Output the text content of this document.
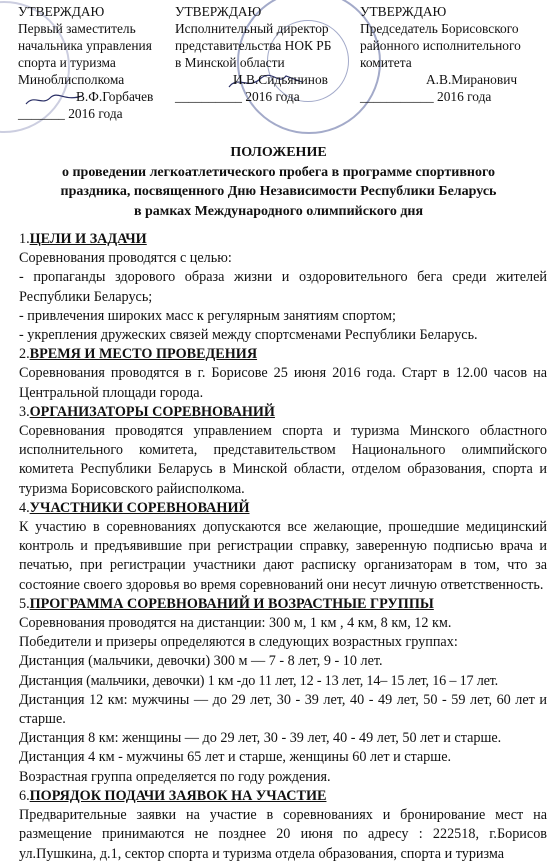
УТВЕРЖДАЮ
Первый заместитель
начальника управления
спорта и туризма
Миноблисполкома
В.Ф.Горбачев
_______ 2016 года
УТВЕРЖДАЮ
Исполнительный директор
представительства НОК РБ
в Минской области
И.В.Сидьянинов
__________ 2016 года
УТВЕРЖДАЮ
Председатель Борисовского
районного исполнительного
комитета
А.В.Миранович
___________ 2016 года
ПОЛОЖЕНИЕ
о проведении легкоатлетического пробега в программе спортивного
праздника, посвященного Дню Независимости Республики Беларусь
в рамках Международного олимпийского дня
1.ЦЕЛИ И ЗАДАЧИ
Соревнования проводятся с целью:
- пропаганды здорового образа жизни и оздоровительного бега среди жителей Республики Беларусь;
- привлечения широких масс к регулярным занятиям спортом;
- укрепления дружеских связей между спортсменами Республики Беларусь.
2.ВРЕМЯ И МЕСТО ПРОВЕДЕНИЯ
Соревнования проводятся в г. Борисове 25 июня 2016 года. Старт в 12.00 часов на Центральной площади города.
3.ОРГАНИЗАТОРЫ СОРЕВНОВАНИЙ
Соревнования проводятся управлением спорта и туризма Минского областного исполнительного комитета, представительством Национального олимпийского комитета Республики Беларусь в Минской области, отделом образования, спорта и туризма Борисовского райисполкома.
4.УЧАСТНИКИ СОРЕВНОВАНИЙ
К участию в соревнованиях допускаются все желающие, прошедшие медицинский контроль и предъявившие при регистрации справку, заверенную подписью врача и печатью, при регистрации участники дают расписку организаторам в том, что за состояние своего здоровья во время соревнований они несут личную ответственность.
5.ПРОГРАММА СОРЕВНОВАНИЙ И ВОЗРАСТНЫЕ ГРУППЫ
Соревнования проводятся на дистанции: 300 м, 1 км , 4 км, 8 км, 12 км.
Победители и призеры определяются в следующих возрастных группах:
Дистанция (мальчики, девочки) 300 м — 7 - 8 лет, 9 - 10 лет.
Дистанция (мальчики, девочки) 1 км -до 11 лет, 12 - 13 лет, 14– 15 лет, 16 – 17 лет.
Дистанция 12 км: мужчины — до 29 лет, 30 - 39 лет, 40 - 49 лет, 50 - 59 лет, 60 лет и старше.
Дистанция 8 км: женщины — до 29 лет, 30 - 39 лет, 40 - 49 лет, 50 лет и старше.
Дистанция 4 км - мужчины 65 лет и старше, женщины 60 лет и старше.
Возрастная группа определяется по году рождения.
6.ПОРЯДОК ПОДАЧИ ЗАЯВОК НА УЧАСТИЕ
Предварительные заявки на участие в соревнованиях и бронирование мест на размещение принимаются не позднее 20 июня по адресу : 222518, г.Борисов ул.Пушкина, д.1, сектор спорта и туризма отдела образования, спорта и туризма
